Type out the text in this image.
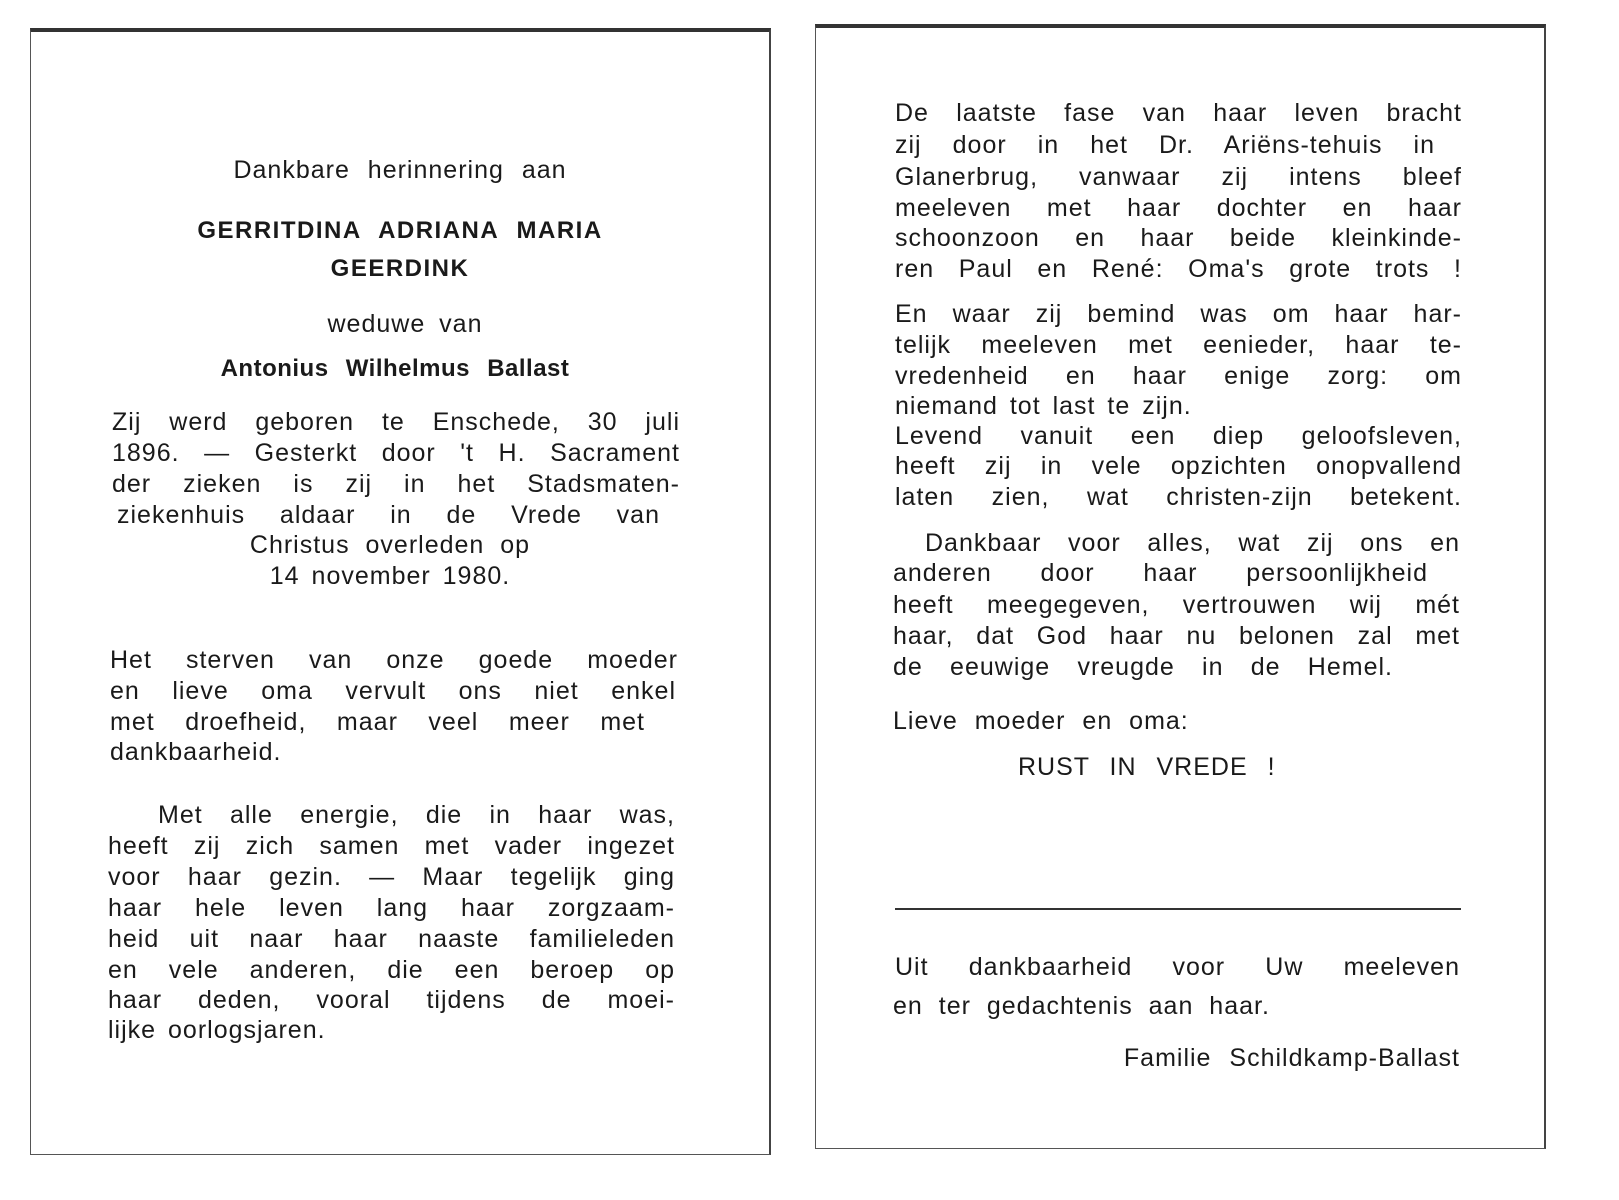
Dankbare herinnering aan
GERRITDINA ADRIANA MARIA
GEERDINK
weduwe van
Antonius Wilhelmus Ballast
Zij werd geboren te Enschede, 30 juli
1896. — Gesterkt door 't H. Sacrament
der zieken is zij in het Stadsmaten-
ziekenhuis aldaar in de Vrede van
Christus overleden op
14 november 1980.
Het sterven van onze goede moeder
en lieve oma vervult ons niet enkel
met droefheid, maar veel meer met
dankbaarheid.
Met alle energie, die in haar was,
heeft zij zich samen met vader ingezet
voor haar gezin. — Maar tegelijk ging
haar hele leven lang haar zorgzaam-
heid uit naar haar naaste familieleden
en vele anderen, die een beroep op
haar deden, vooral tijdens de moei-
lijke oorlogsjaren.
De laatste fase van haar leven bracht
zij door in het Dr. Ariëns-tehuis in
Glanerbrug, vanwaar zij intens bleef
meeleven met haar dochter en haar
schoonzoon en haar beide kleinkinde-
ren Paul en René: Oma's grote trots !
En waar zij bemind was om haar har-
telijk meeleven met eenieder, haar te-
vredenheid en haar enige zorg: om
niemand tot last te zijn.
Levend vanuit een diep geloofsleven,
heeft zij in vele opzichten onopvallend
laten zien, wat christen-zijn betekent.
Dankbaar voor alles, wat zij ons en
anderen door haar persoonlijkheid
heeft meegegeven, vertrouwen wij mét
haar, dat God haar nu belonen zal met
de eeuwige vreugde in de Hemel.
Lieve moeder en oma:
RUST IN VREDE !
Uit dankbaarheid voor Uw meeleven
en ter gedachtenis aan haar.
Familie Schildkamp-Ballast
